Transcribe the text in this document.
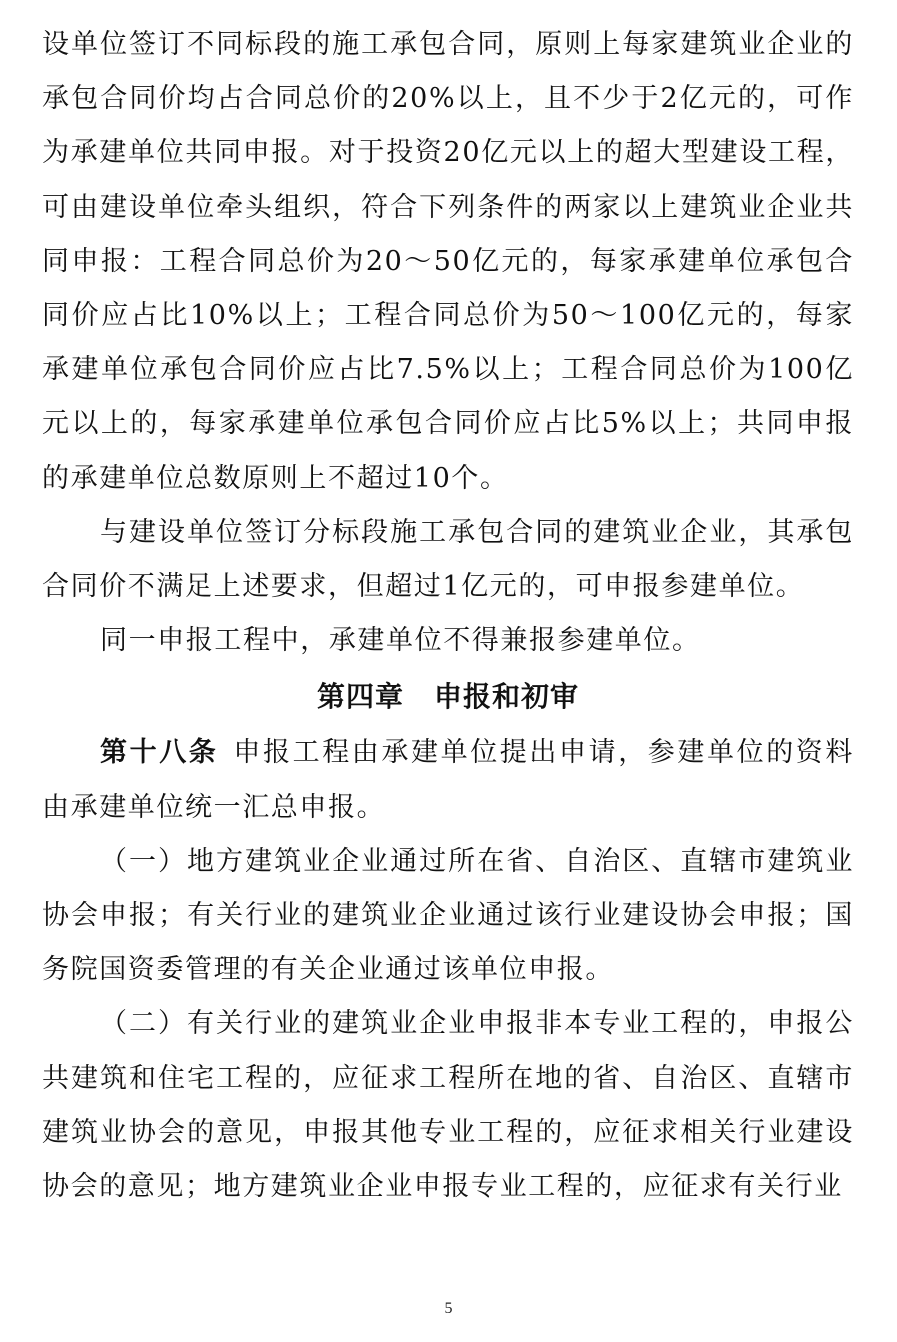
设单位签订不同标段的施工承包合同，原则上每家建筑业企业的承包合同价均占合同总价的20%以上，且不少于2亿元的，可作为承建单位共同申报。对于投资20亿元以上的超大型建设工程，可由建设单位牵头组织，符合下列条件的两家以上建筑业企业共同申报：工程合同总价为20～50亿元的，每家承建单位承包合同价应占比10%以上；工程合同总价为50～100亿元的，每家承建单位承包合同价应占比7.5%以上；工程合同总价为100亿元以上的，每家承建单位承包合同价应占比5%以上；共同申报的承建单位总数原则上不超过10个。

与建设单位签订分标段施工承包合同的建筑业企业，其承包合同价不满足上述要求，但超过1亿元的，可申报参建单位。

同一申报工程中，承建单位不得兼报参建单位。

第四章 申报和初审

第十八条 申报工程由承建单位提出申请，参建单位的资料由承建单位统一汇总申报。

（一）地方建筑业企业通过所在省、自治区、直辖市建筑业协会申报；有关行业的建筑业企业通过该行业建设协会申报；国务院国资委管理的有关企业通过该单位申报。

（二）有关行业的建筑业企业申报非本专业工程的，申报公共建筑和住宅工程的，应征求工程所在地的省、自治区、直辖市建筑业协会的意见，申报其他专业工程的，应征求相关行业建设协会的意见；地方建筑业企业申报专业工程的，应征求有关行业

5
